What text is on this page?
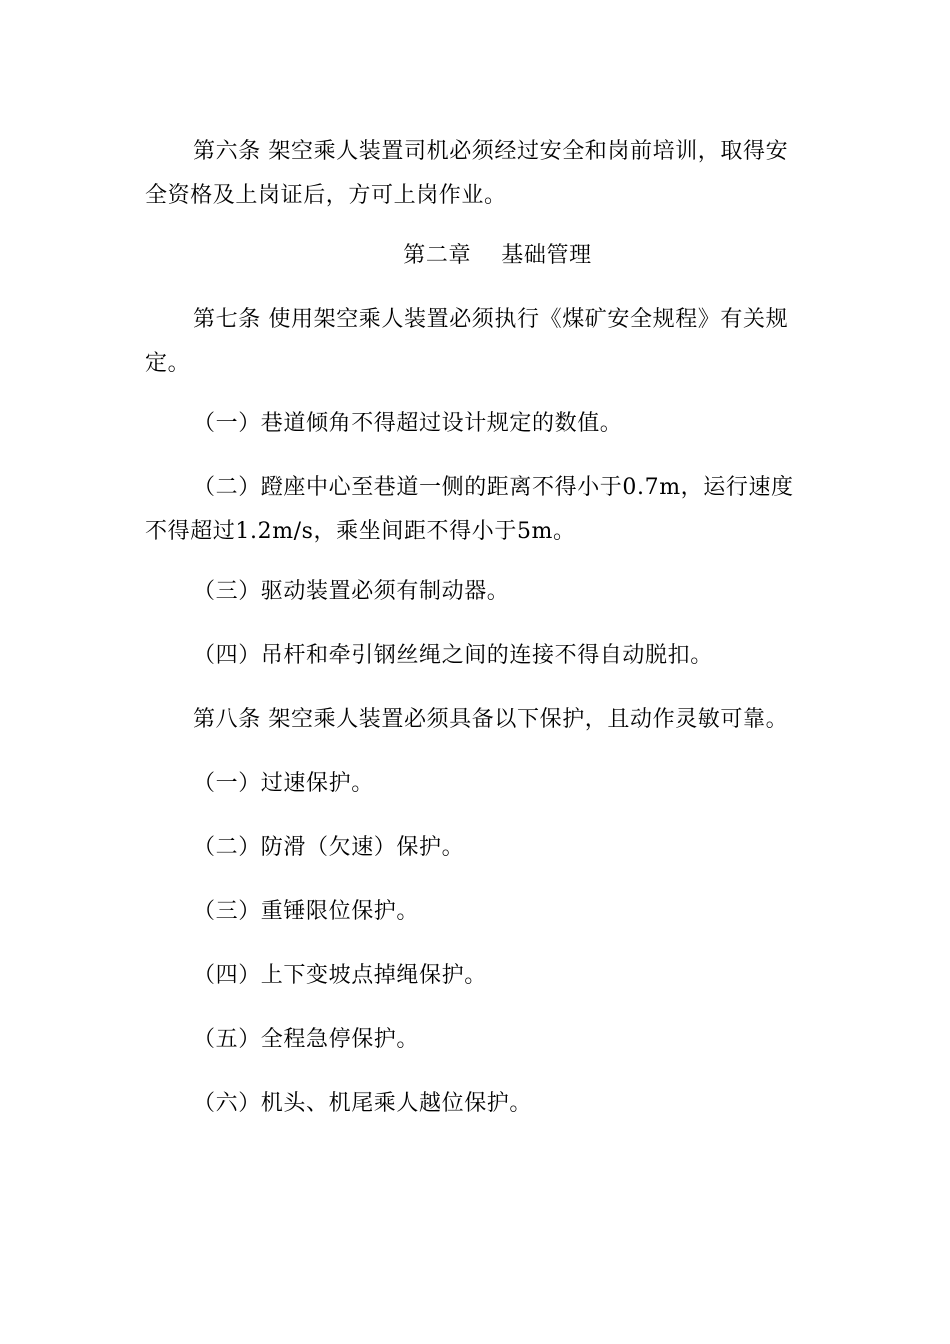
第六条 架空乘人装置司机必须经过安全和岗前培训，取得安全资格及上岗证后，方可上岗作业。

第二章　 基础管理

第七条 使用架空乘人装置必须执行《煤矿安全规程》有关规定。

（一）巷道倾角不得超过设计规定的数值。

（二）蹬座中心至巷道一侧的距离不得小于0.7m，运行速度不得超过1.2m/s，乘坐间距不得小于5m。

（三）驱动装置必须有制动器。

（四）吊杆和牵引钢丝绳之间的连接不得自动脱扣。

第八条 架空乘人装置必须具备以下保护，且动作灵敏可靠。

（一）过速保护。

（二）防滑（欠速）保护。

（三）重锤限位保护。

（四）上下变坡点掉绳保护。

（五）全程急停保护。

（六）机头、机尾乘人越位保护。
